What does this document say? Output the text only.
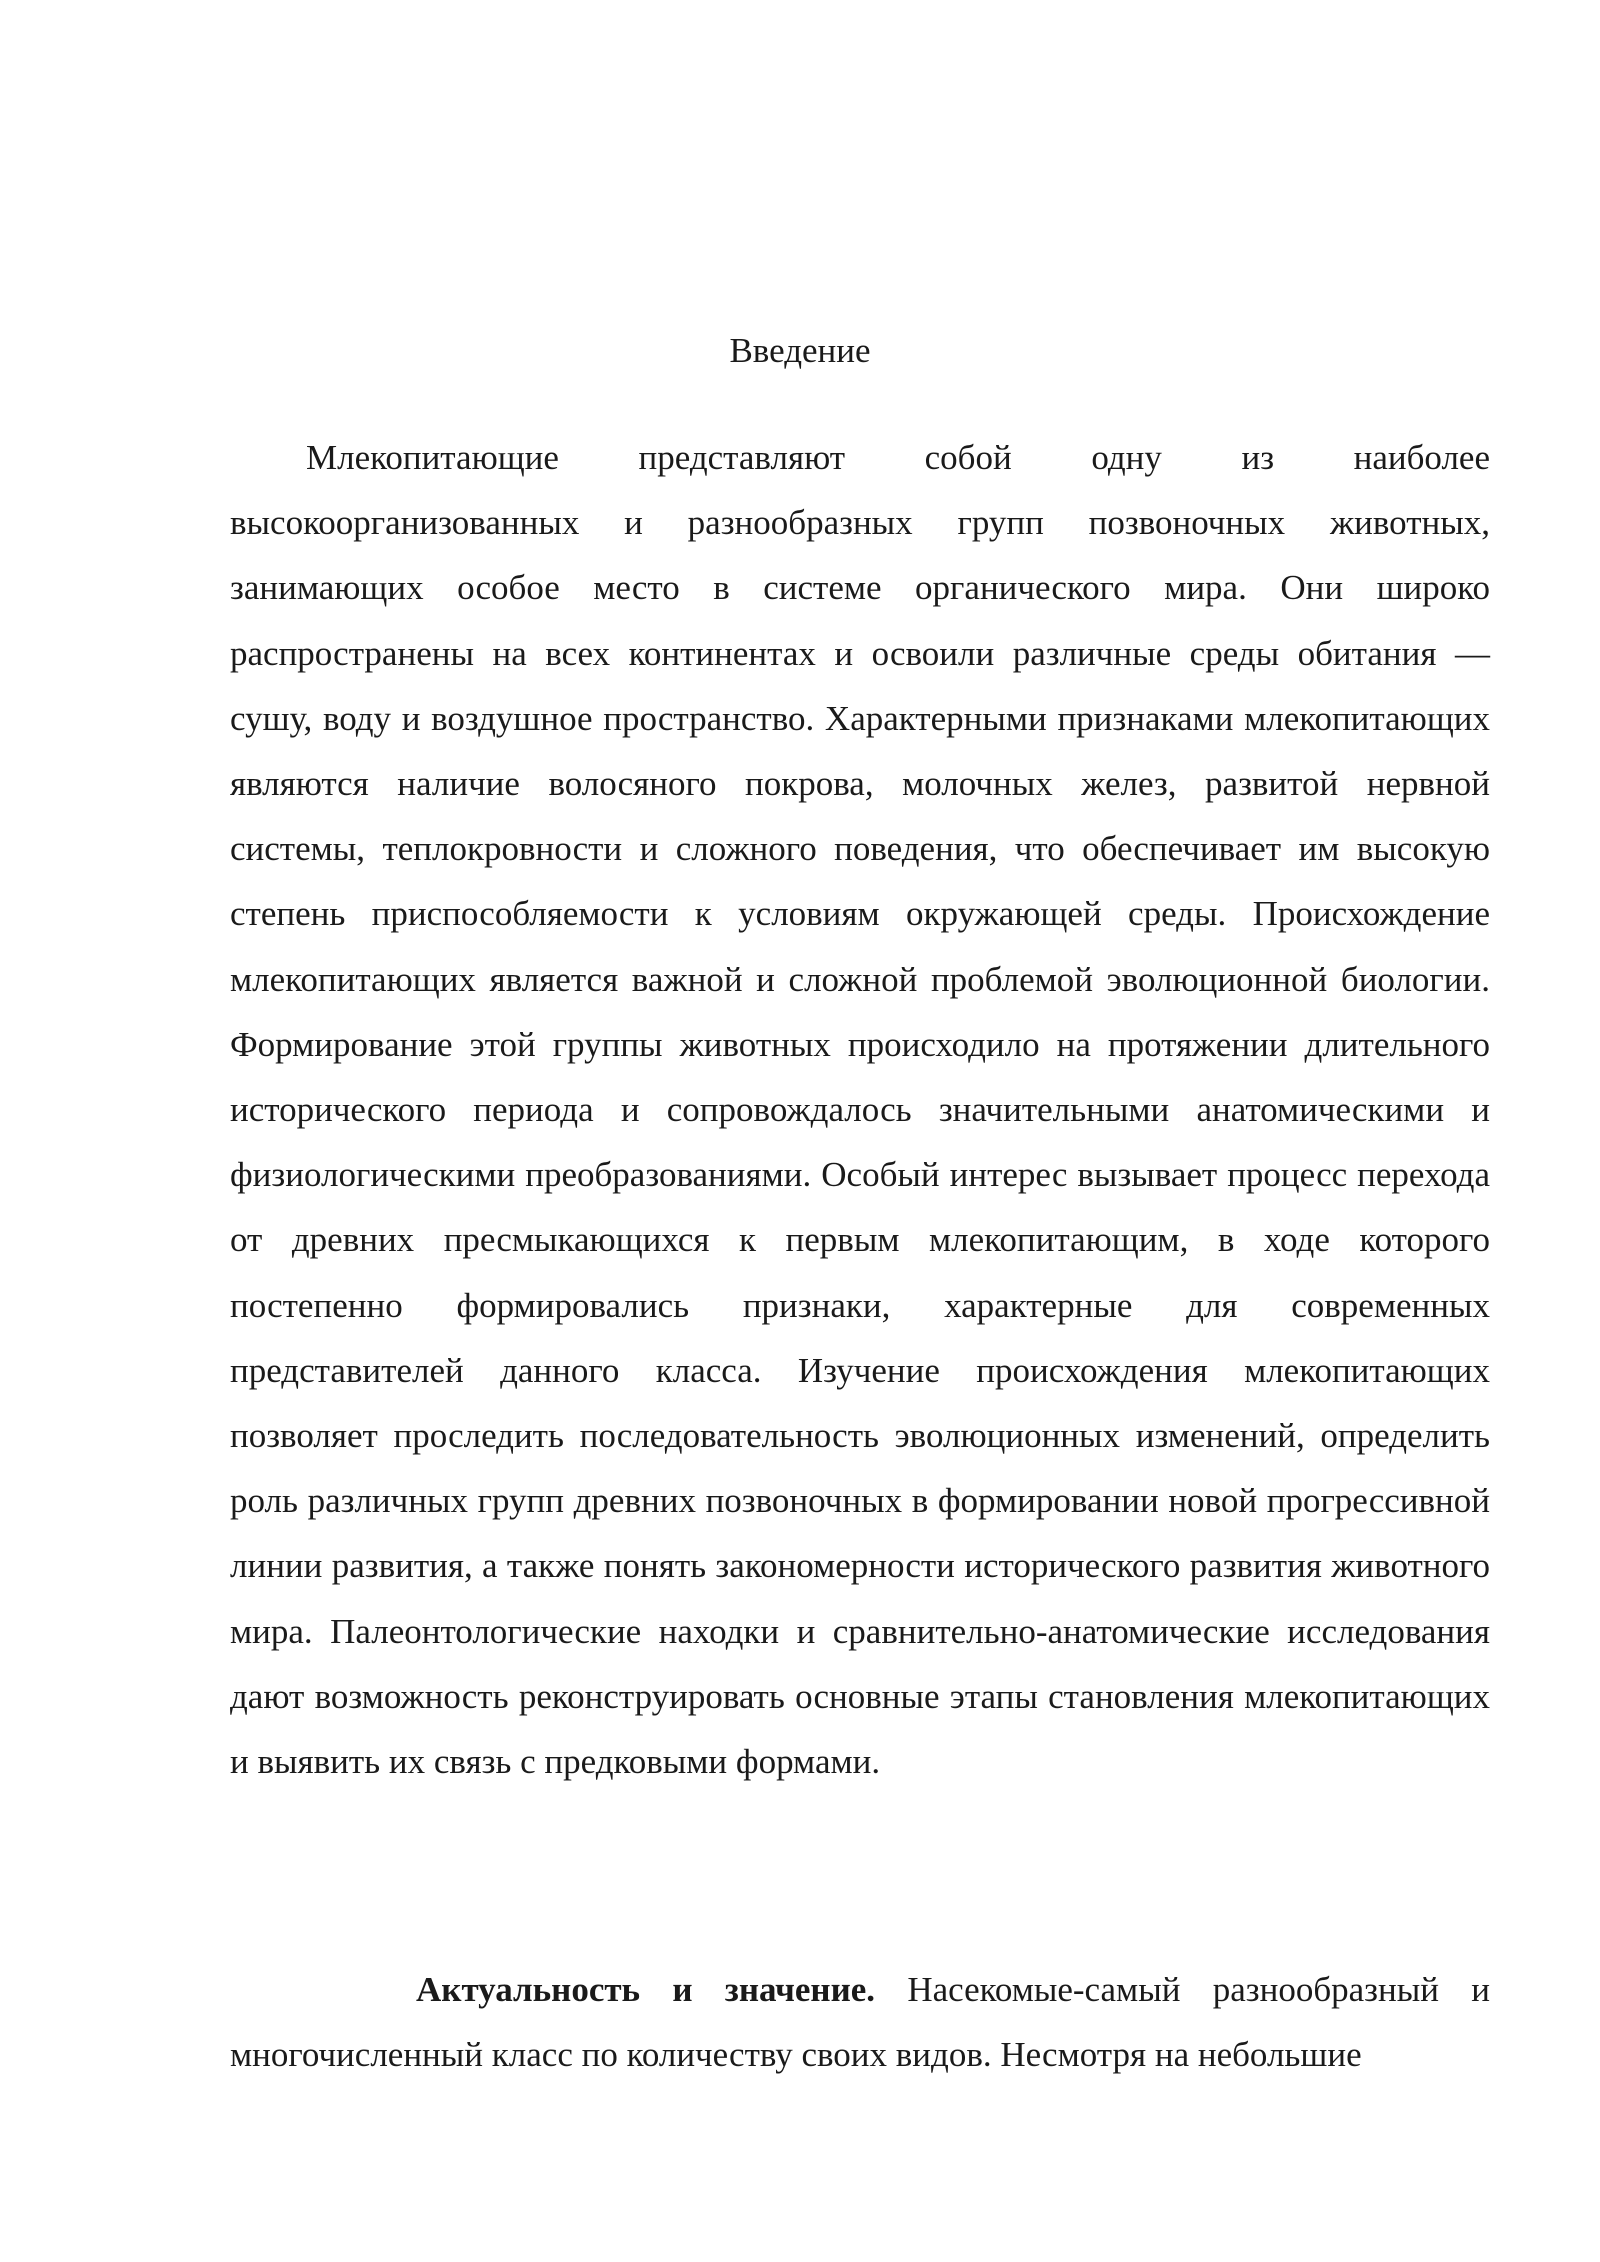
Введение

Млекопитающие представляют собой одну из наиболее высокоорганизованных и разнообразных групп позвоночных животных, занимающих особое место в системе органического мира. Они широко распространены на всех континентах и освоили различные среды обитания — сушу, воду и воздушное пространство. Характерными признаками млекопитающих являются наличие волосяного покрова, молочных желез, развитой нервной системы, теплокровности и сложного поведения, что обеспечивает им высокую степень приспособляемости к условиям окружающей среды. Происхождение млекопитающих является важной и сложной проблемой эволюционной биологии. Формирование этой группы животных происходило на протяжении длительного исторического периода и сопровождалось значительными анатомическими и физиологическими преобразованиями. Особый интерес вызывает процесс перехода от древних пресмыкающихся к первым млекопитающим, в ходе которого постепенно формировались признаки, характерные для современных представителей данного класса. Изучение происхождения млекопитающих позволяет проследить последовательность эволюционных изменений, определить роль различных групп древних позвоночных в формировании новой прогрессивной линии развития, а также понять закономерности исторического развития животного мира. Палеонтологические находки и сравнительно-анатомические исследования дают возможность реконструировать основные этапы становления млекопитающих и выявить их связь с предковыми формами.

Актуальность и значение. Насекомые-самый разнообразный и многочисленный класс по количеству своих видов. Несмотря на небольшие
